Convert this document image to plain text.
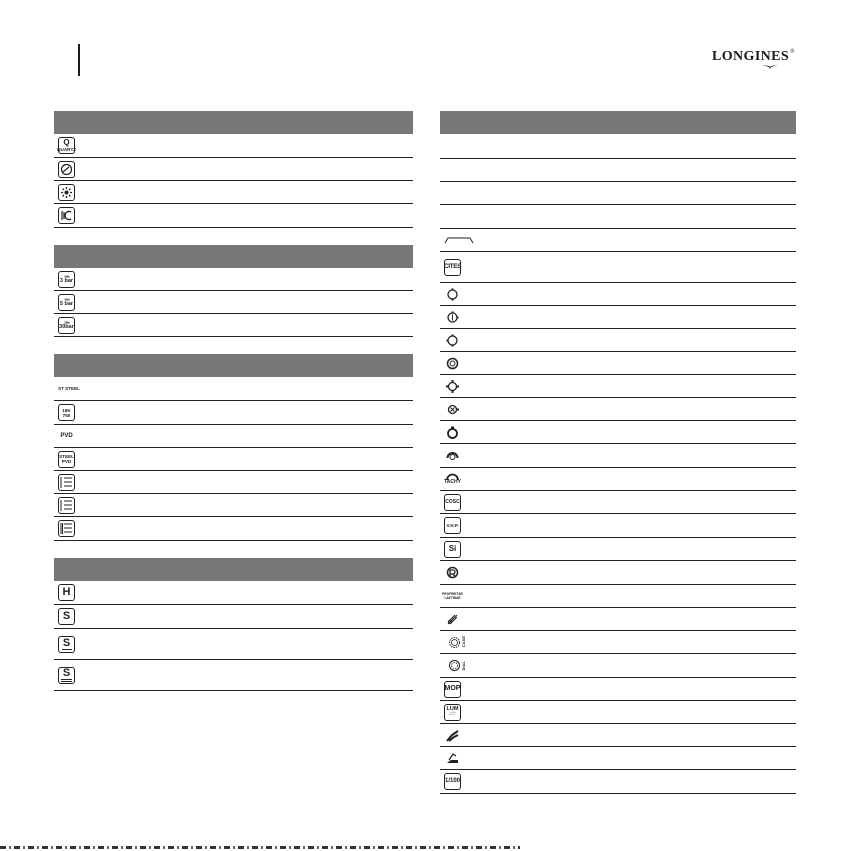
LONGINES®
Q
QUARTZ
≈≈≈
3 bar
≈≈≈
5 bar
≈≈≈
30bar
ST STEEL
18K 750
PVD
STEEL PVD
H
S
S
S
CITES
TACHY
COSC
V.H.P.
Si
PROPRIETAR LAETIBAR
CASE
DIAL
MOP
LUM
∴∵
1/100
